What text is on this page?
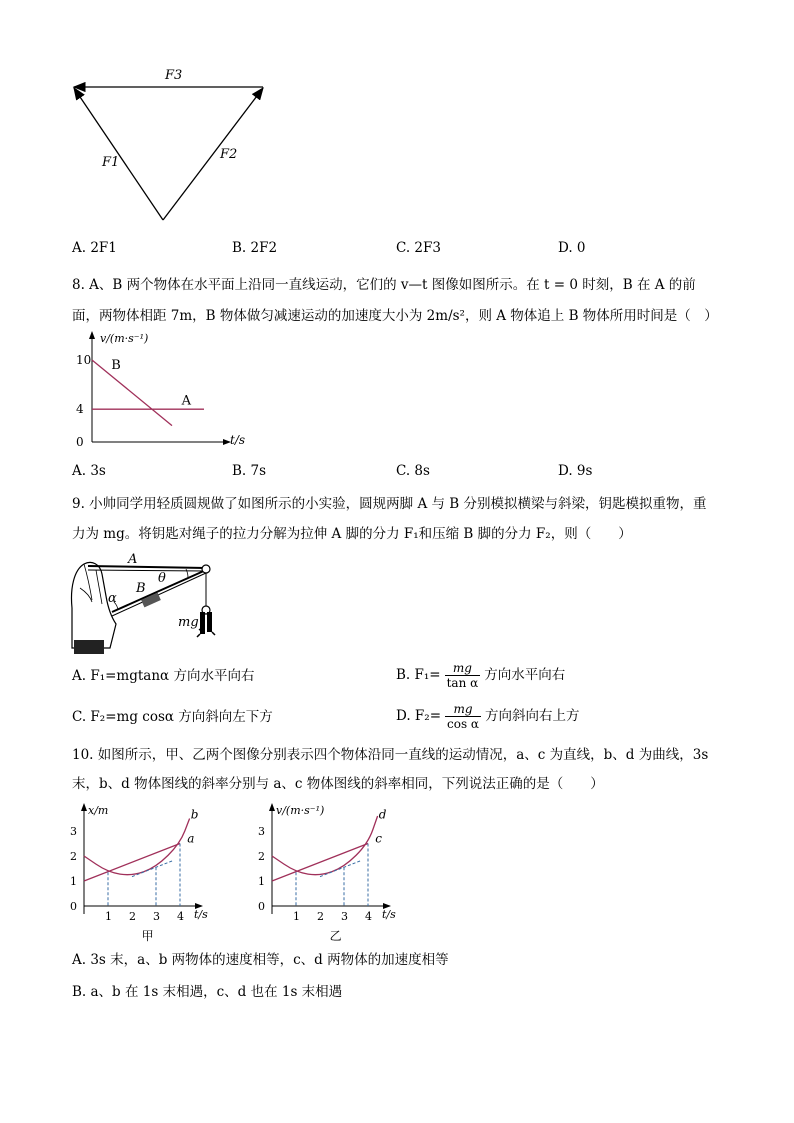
F3
F1
F2
A. 2F1	B. 2F2	C. 2F3	D. 0
8. A、B 两个物体在水平面上沿同一直线运动，它们的 v—t 图像如图所示。在 t = 0 时刻，B 在 A 的前
面，两物体相距 7m，B 物体做匀减速运动的加速度大小为 2m/s²，则 A 物体追上 B 物体所用时间是（　）
v/(m·s⁻¹)
t/s
10
4
0
B
A
A. 3s	B. 7s	C. 8s	D. 9s
9. 小帅同学用轻质圆规做了如图所示的小实验，圆规两脚 A 与 B 分别模拟横梁与斜梁，钥匙模拟重物，重
力为 mg。将钥匙对绳子的拉力分解为拉伸 A 脚的分力 F₁和压缩 B 脚的分力 F₂，则（　　）
A
B
θ
α
mg
A. F₁=mgtanα 方向水平向右	B. $F_1= \frac{mg}{\text{tan α}}$ 方向水平向右
C. F₂=mg cosα 方向斜向左下方	D. $F_2= \frac{mg}{\text{cos α}}$ 方向斜向右上方
10. 如图所示，甲、乙两个图像分别表示四个物体沿同一直线的运动情况，a、c 为直线，b、d 为曲线，3s
末，b、d 物体图线的斜率分别与 a、c 物体图线的斜率相同，下列说法正确的是（　　）
x/m
t/s
1 2 3 4
0
1
2
3	a
b
甲
v/(m·s⁻¹)
t/s
1 2 3 4
0
1
2
3	c
d
乙
A. 3s 末，a、b 两物体的速度相等，c、d 两物体的加速度相等
B. a、b 在 1s 末相遇，c、d 也在 1s 末相遇
